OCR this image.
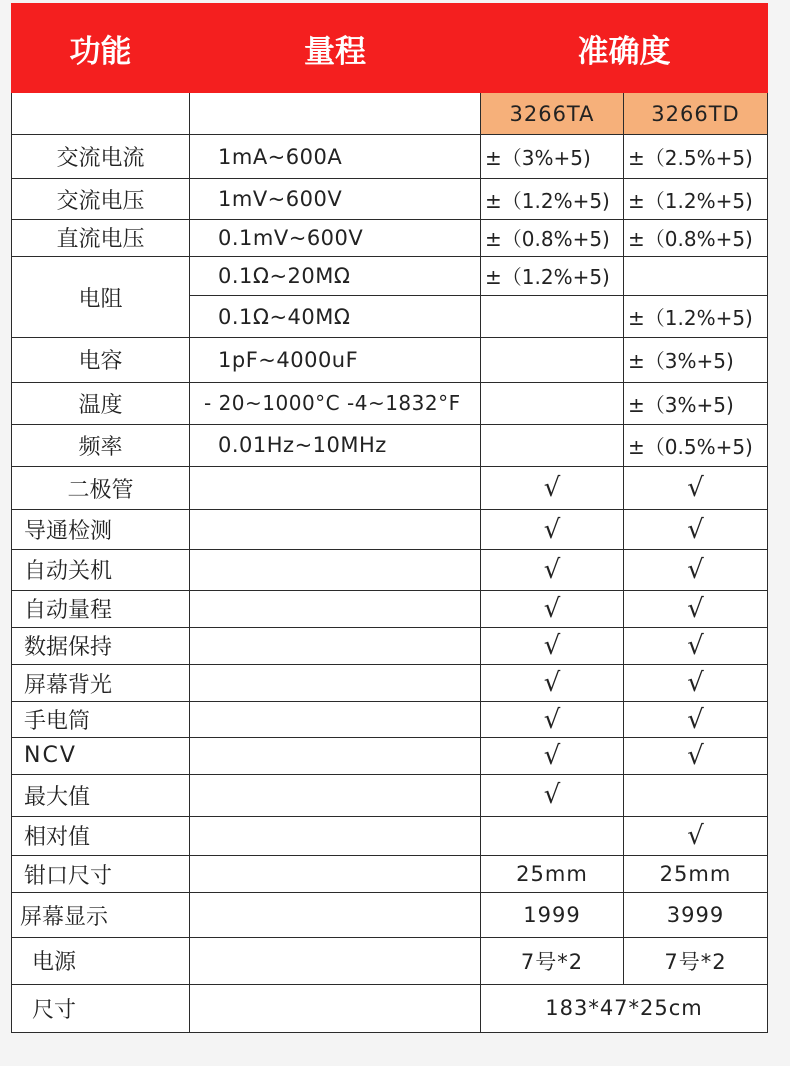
功能	量程	准确度	
		3266TA	3266TD
交流电流	1mA~600A	±（3%+5)	±（2.5%+5)
交流电压	1mV~600V	±（1.2%+5)	±（1.2%+5)
直流电压	0.1mV~600V	±（0.8%+5)	±（0.8%+5)
电阻	0.1Ω~20MΩ	±（1.2%+5)	
	0.1Ω~40MΩ		±（1.2%+5)
电容	1pF~4000uF		±（3%+5)
温度	- 20~1000°C -4~1832°F		±（3%+5)
频率	0.01Hz~10MHz		±（0.5%+5)
二极管		√	√
导通检测		√	√
自动关机		√	√
自动量程		√	√
数据保持		√	√
屏幕背光		√	√
手电筒		√	√
NCV		√	√
最大值		√	
相对值			√
钳口尺寸		25mm	25mm
屏幕显示		1999	3999
电源		7号*2	7号*2
尺寸		183*47*25cm	
